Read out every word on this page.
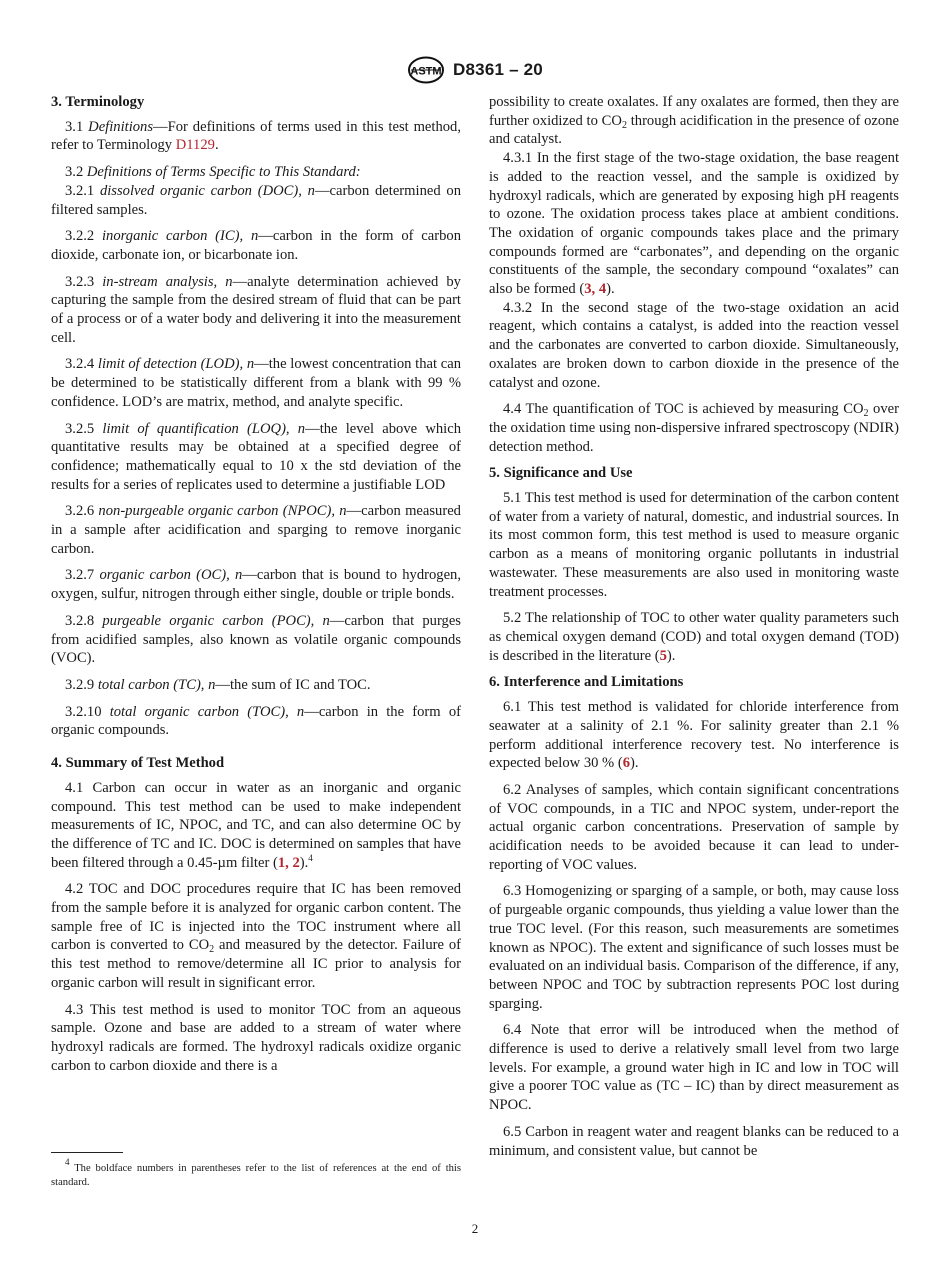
ASTM D8361 – 20
3. Terminology

3.1 Definitions—For definitions of terms used in this test method, refer to Terminology D1129.

3.2 Definitions of Terms Specific to This Standard:

3.2.1 dissolved organic carbon (DOC), n—carbon determined on filtered samples.

3.2.2 inorganic carbon (IC), n—carbon in the form of carbon dioxide, carbonate ion, or bicarbonate ion.

3.2.3 in-stream analysis, n—analyte determination achieved by capturing the sample from the desired stream of fluid that can be part of a process or of a water body and delivering it into the measurement cell.

3.2.4 limit of detection (LOD), n—the lowest concentration that can be determined to be statistically different from a blank with 99 % confidence. LOD’s are matrix, method, and analyte specific.

3.2.5 limit of quantification (LOQ), n—the level above which quantitative results may be obtained at a specified degree of confidence; mathematically equal to 10 x the std deviation of the results for a series of replicates used to determine a justifiable LOD

3.2.6 non-purgeable organic carbon (NPOC), n—carbon measured in a sample after acidification and sparging to remove inorganic carbon.

3.2.7 organic carbon (OC), n—carbon that is bound to hydrogen, oxygen, sulfur, nitrogen through either single, double or triple bonds.

3.2.8 purgeable organic carbon (POC), n—carbon that purges from acidified samples, also known as volatile organic compounds (VOC).

3.2.9 total carbon (TC), n—the sum of IC and TOC.

3.2.10 total organic carbon (TOC), n—carbon in the form of organic compounds.

4. Summary of Test Method

4.1 Carbon can occur in water as an inorganic and organic compound. This test method can be used to make independent measurements of IC, NPOC, and TC, and can also determine OC by the difference of TC and IC. DOC is determined on samples that have been filtered through a 0.45-µm filter (1, 2).$^4$

4.2 TOC and DOC procedures require that IC has been removed from the sample before it is analyzed for organic carbon content. The sample free of IC is injected into the TOC instrument where all carbon is converted to $CO_2$ and measured by the detector. Failure of this test method to remove/determine all IC prior to analysis for organic carbon will result in significant error.

4.3 This test method is used to monitor TOC from an aqueous sample. Ozone and base are added to a stream of water where hydroxyl radicals are formed. The hydroxyl radicals oxidize organic carbon to carbon dioxide and there is a

$^4$ The boldface numbers in parentheses refer to the list of references at the end of this standard.

possibility to create oxalates. If any oxalates are formed, then they are further oxidized to $CO_2$ through acidification in the presence of ozone and catalyst.

4.3.1 In the first stage of the two-stage oxidation, the base reagent is added to the reaction vessel, and the sample is oxidized by hydroxyl radicals, which are generated by exposing high pH reagents to ozone. The oxidation process takes place at ambient conditions. The oxidation of organic compounds takes place and the primary compounds formed are “carbonates”, and depending on the organic constituents of the sample, the secondary compound “oxalates” can also be formed (3, 4).

4.3.2 In the second stage of the two-stage oxidation an acid reagent, which contains a catalyst, is added into the reaction vessel and the carbonates are converted to carbon dioxide. Simultaneously, oxalates are broken down to carbon dioxide in the presence of the catalyst and ozone.

4.4 The quantification of TOC is achieved by measuring $CO_2$ over the oxidation time using non-dispersive infrared spectroscopy (NDIR) detection method.

5. Significance and Use

5.1 This test method is used for determination of the carbon content of water from a variety of natural, domestic, and industrial sources. In its most common form, this test method is used to measure organic carbon as a means of monitoring organic pollutants in industrial wastewater. These measurements are also used in monitoring waste treatment processes.

5.2 The relationship of TOC to other water quality parameters such as chemical oxygen demand (COD) and total oxygen demand (TOD) is described in the literature (5).

6. Interference and Limitations

6.1 This test method is validated for chloride interference from seawater at a salinity of 2.1 %. For salinity greater than 2.1 % perform additional interference recovery test. No interference is expected below 30 % (6).

6.2 Analyses of samples, which contain significant concentrations of VOC compounds, in a TIC and NPOC system, under-report the actual organic carbon concentrations. Preservation of sample by acidification needs to be avoided because it can lead to under-reporting of VOC values.

6.3 Homogenizing or sparging of a sample, or both, may cause loss of purgeable organic compounds, thus yielding a value lower than the true TOC level. (For this reason, such measurements are sometimes known as NPOC). The extent and significance of such losses must be evaluated on an individual basis. Comparison of the difference, if any, between NPOC and TOC by subtraction represents POC lost during sparging.

6.4 Note that error will be introduced when the method of difference is used to derive a relatively small level from two large levels. For example, a ground water high in IC and low in TOC will give a poorer TOC value as (TC – IC) than by direct measurement as NPOC.

6.5 Carbon in reagent water and reagent blanks can be reduced to a minimum, and consistent value, but cannot be

2
